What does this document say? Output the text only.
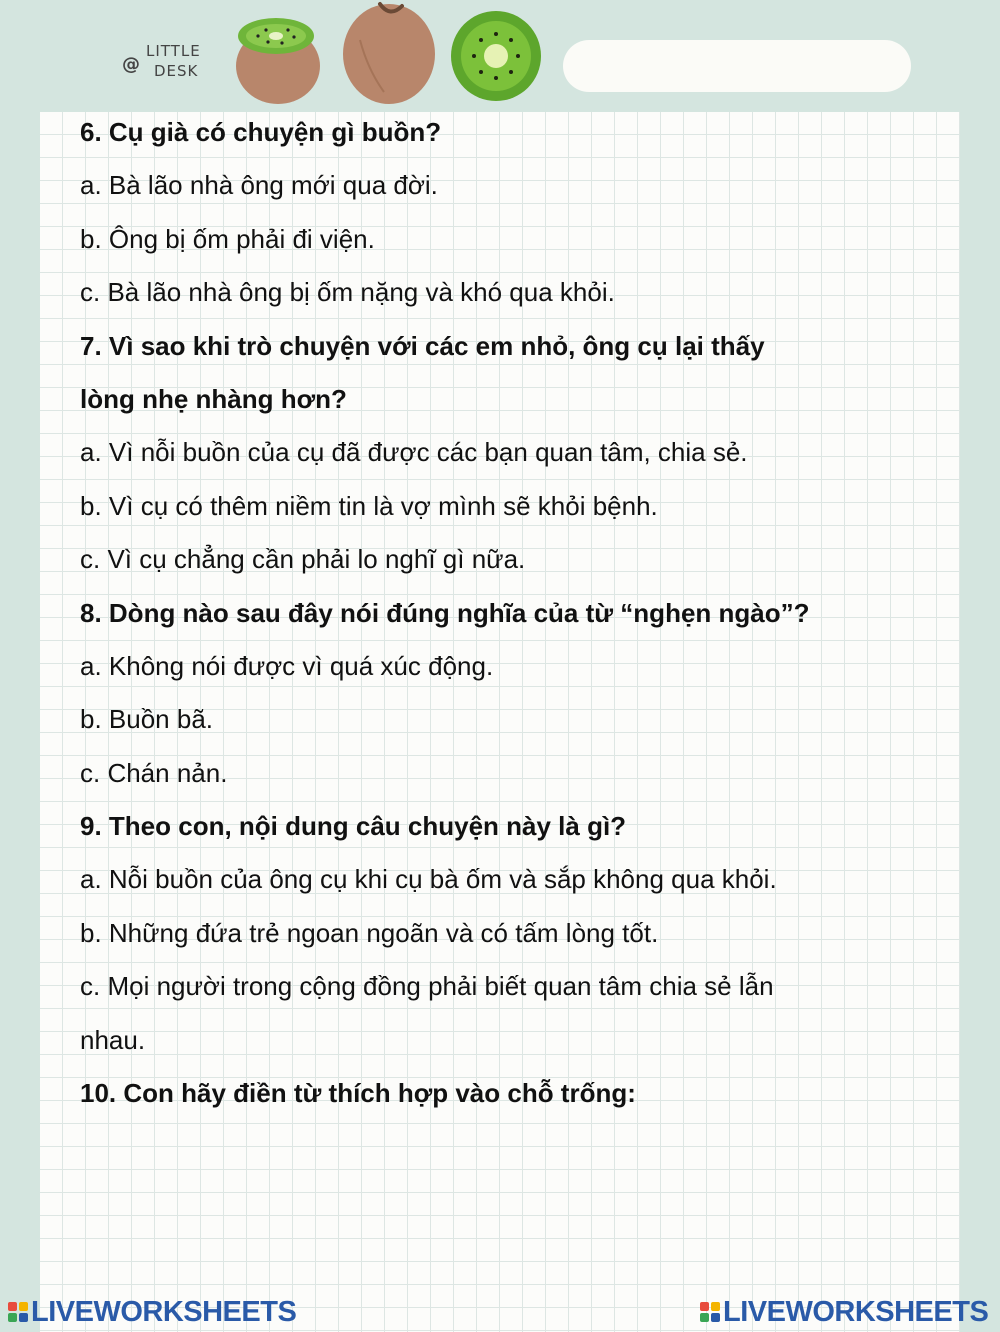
@
LITTLE
DESK
6. Cụ già có chuyện gì buồn?
a. Bà lão nhà ông mới qua đời.
b. Ông bị ốm phải đi viện.
c. Bà lão nhà ông bị ốm nặng và khó qua khỏi.
7. Vì sao khi trò chuyện với các em nhỏ, ông cụ lại thấy
lòng nhẹ nhàng hơn?
a. Vì nỗi buồn của cụ đã được các bạn quan tâm, chia sẻ.
b. Vì cụ có thêm niềm tin là vợ mình sẽ khỏi bệnh.
c. Vì cụ chẳng cần phải lo nghĩ gì nữa.
8. Dòng nào sau đây nói đúng nghĩa của từ “nghẹn ngào”?
a. Không nói được vì quá xúc động.
b. Buồn bã.
c. Chán nản.
9. Theo con, nội dung câu chuyện này là gì?
a. Nỗi buồn của ông cụ khi cụ bà ốm và sắp không qua khỏi.
b. Những đứa trẻ ngoan ngoãn và có tấm lòng tốt.
c. Mọi người trong cộng đồng phải biết quan tâm chia sẻ lẫn
nhau.
10. Con hãy điền từ thích hợp vào chỗ trống:
LIVEWORKSHEETS	LIVEWORKSHEETS
